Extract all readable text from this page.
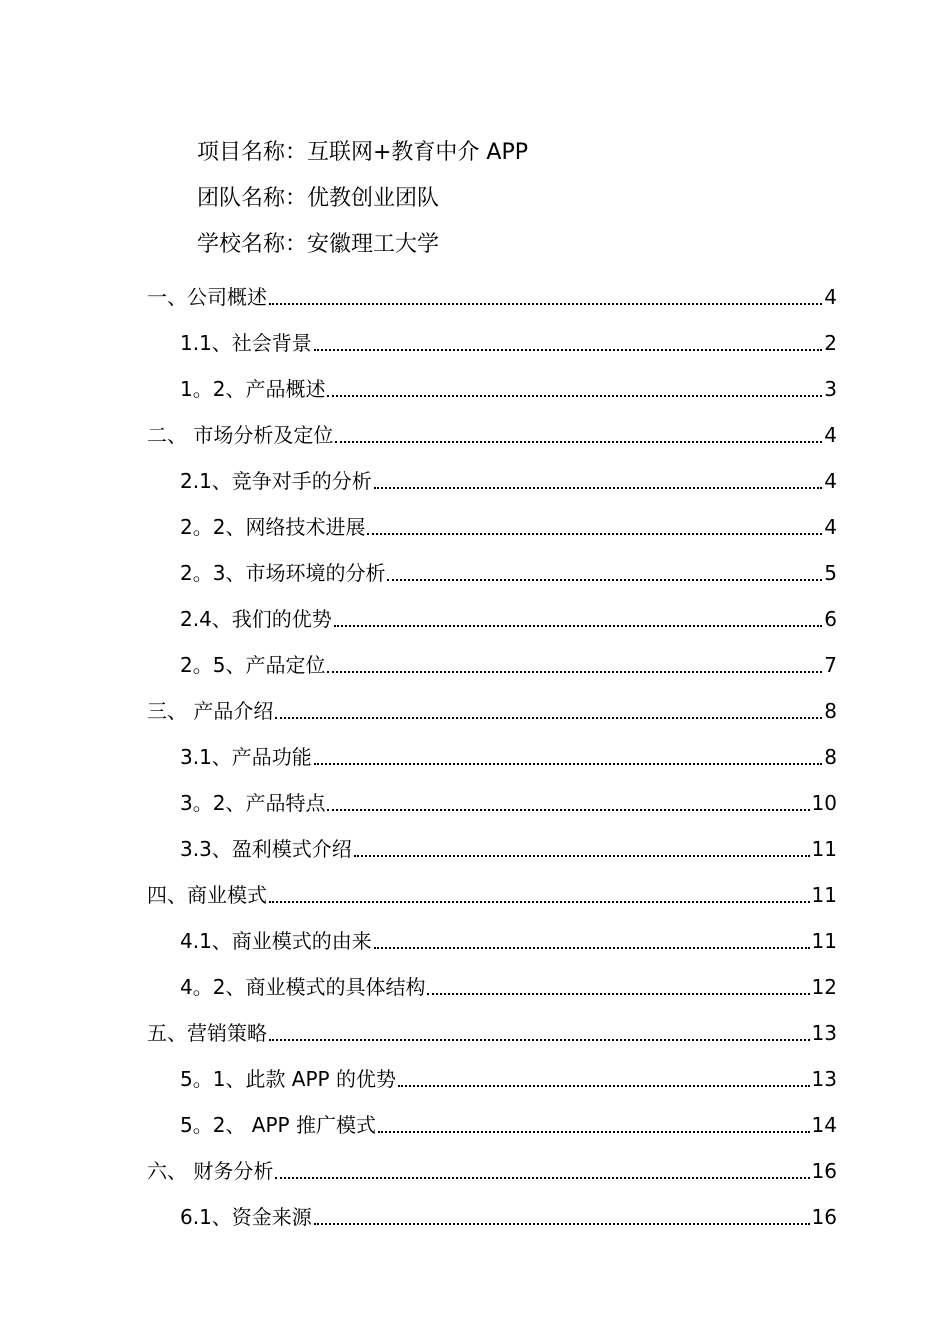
项目名称：互联网+教育中介 APP
团队名称：优教创业团队
学校名称：安徽理工大学
一、公司概述	4
1.1、社会背景	2
1。2、产品概述	3
二、 市场分析及定位	4
2.1、竞争对手的分析	4
2。2、网络技术进展	4
2。3、市场环境的分析	5
2.4、我们的优势	6
2。5、产品定位	7
三、 产品介绍	8
3.1、产品功能	8
3。2、产品特点	10
3.3、盈利模式介绍	11
四、商业模式	11
4.1、商业模式的由来	11
4。2、商业模式的具体结构	12
五、营销策略	13
5。1、此款 APP 的优势	13
5。2、 APP 推广模式	14
六、 财务分析	16
6.1、资金来源	16
